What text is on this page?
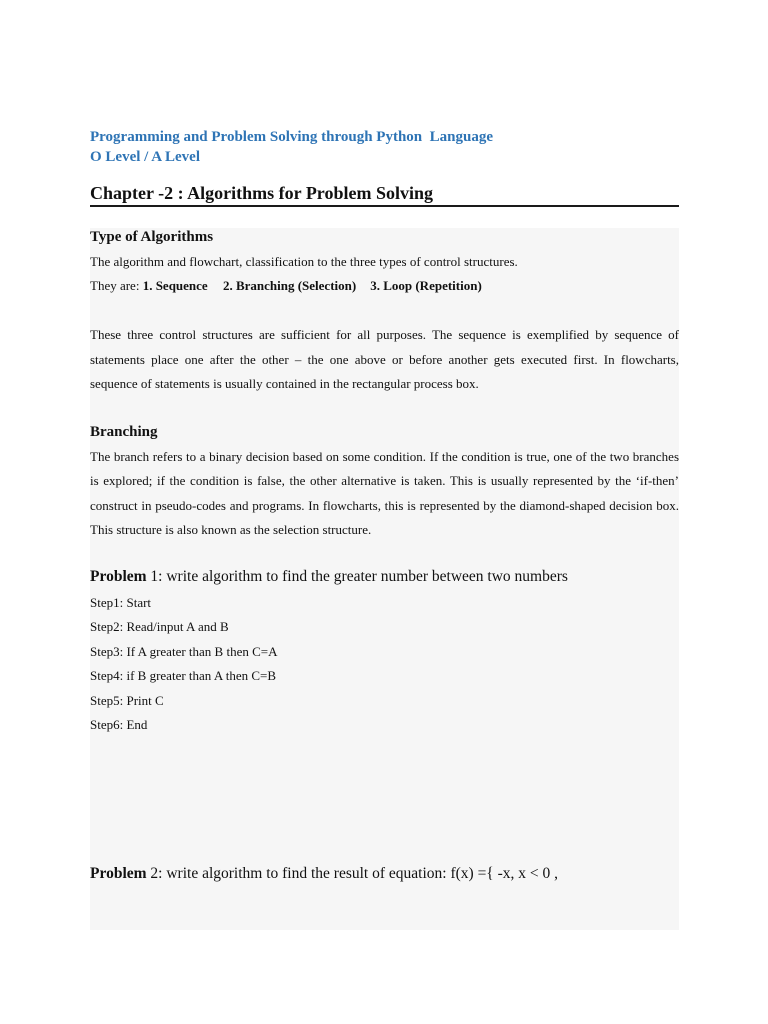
Programming and Problem Solving through Python  Language
O Level / A Level
Chapter -2 : Algorithms for Problem Solving
Type of Algorithms

The algorithm and flowchart, classification to the three types of control structures.

They are: 1. Sequence 2. Branching (Selection) 3. Loop (Repetition)

These three control structures are sufficient for all purposes. The sequence is exemplified by sequence of statements place one after the other – the one above or before another gets executed first. In flowcharts, sequence of statements is usually contained in the rectangular process box.

Branching

The branch refers to a binary decision based on some condition. If the condition is true, one of the two branches is explored; if the condition is false, the other alternative is taken. This is usually represented by the ‘if-then’ construct in pseudo-codes and programs. In flowcharts, this is represented by the diamond-shaped decision box. This structure is also known as the selection structure.

Problem 1: write algorithm to find the greater number between two numbers

Step1: Start
Step2: Read/input A and B
Step3: If A greater than B then C=A
Step4: if B greater than A then C=B
Step5: Print C
Step6: End

Problem 2: write algorithm to find the result of equation: f(x) ={ -x, x < 0 ,
